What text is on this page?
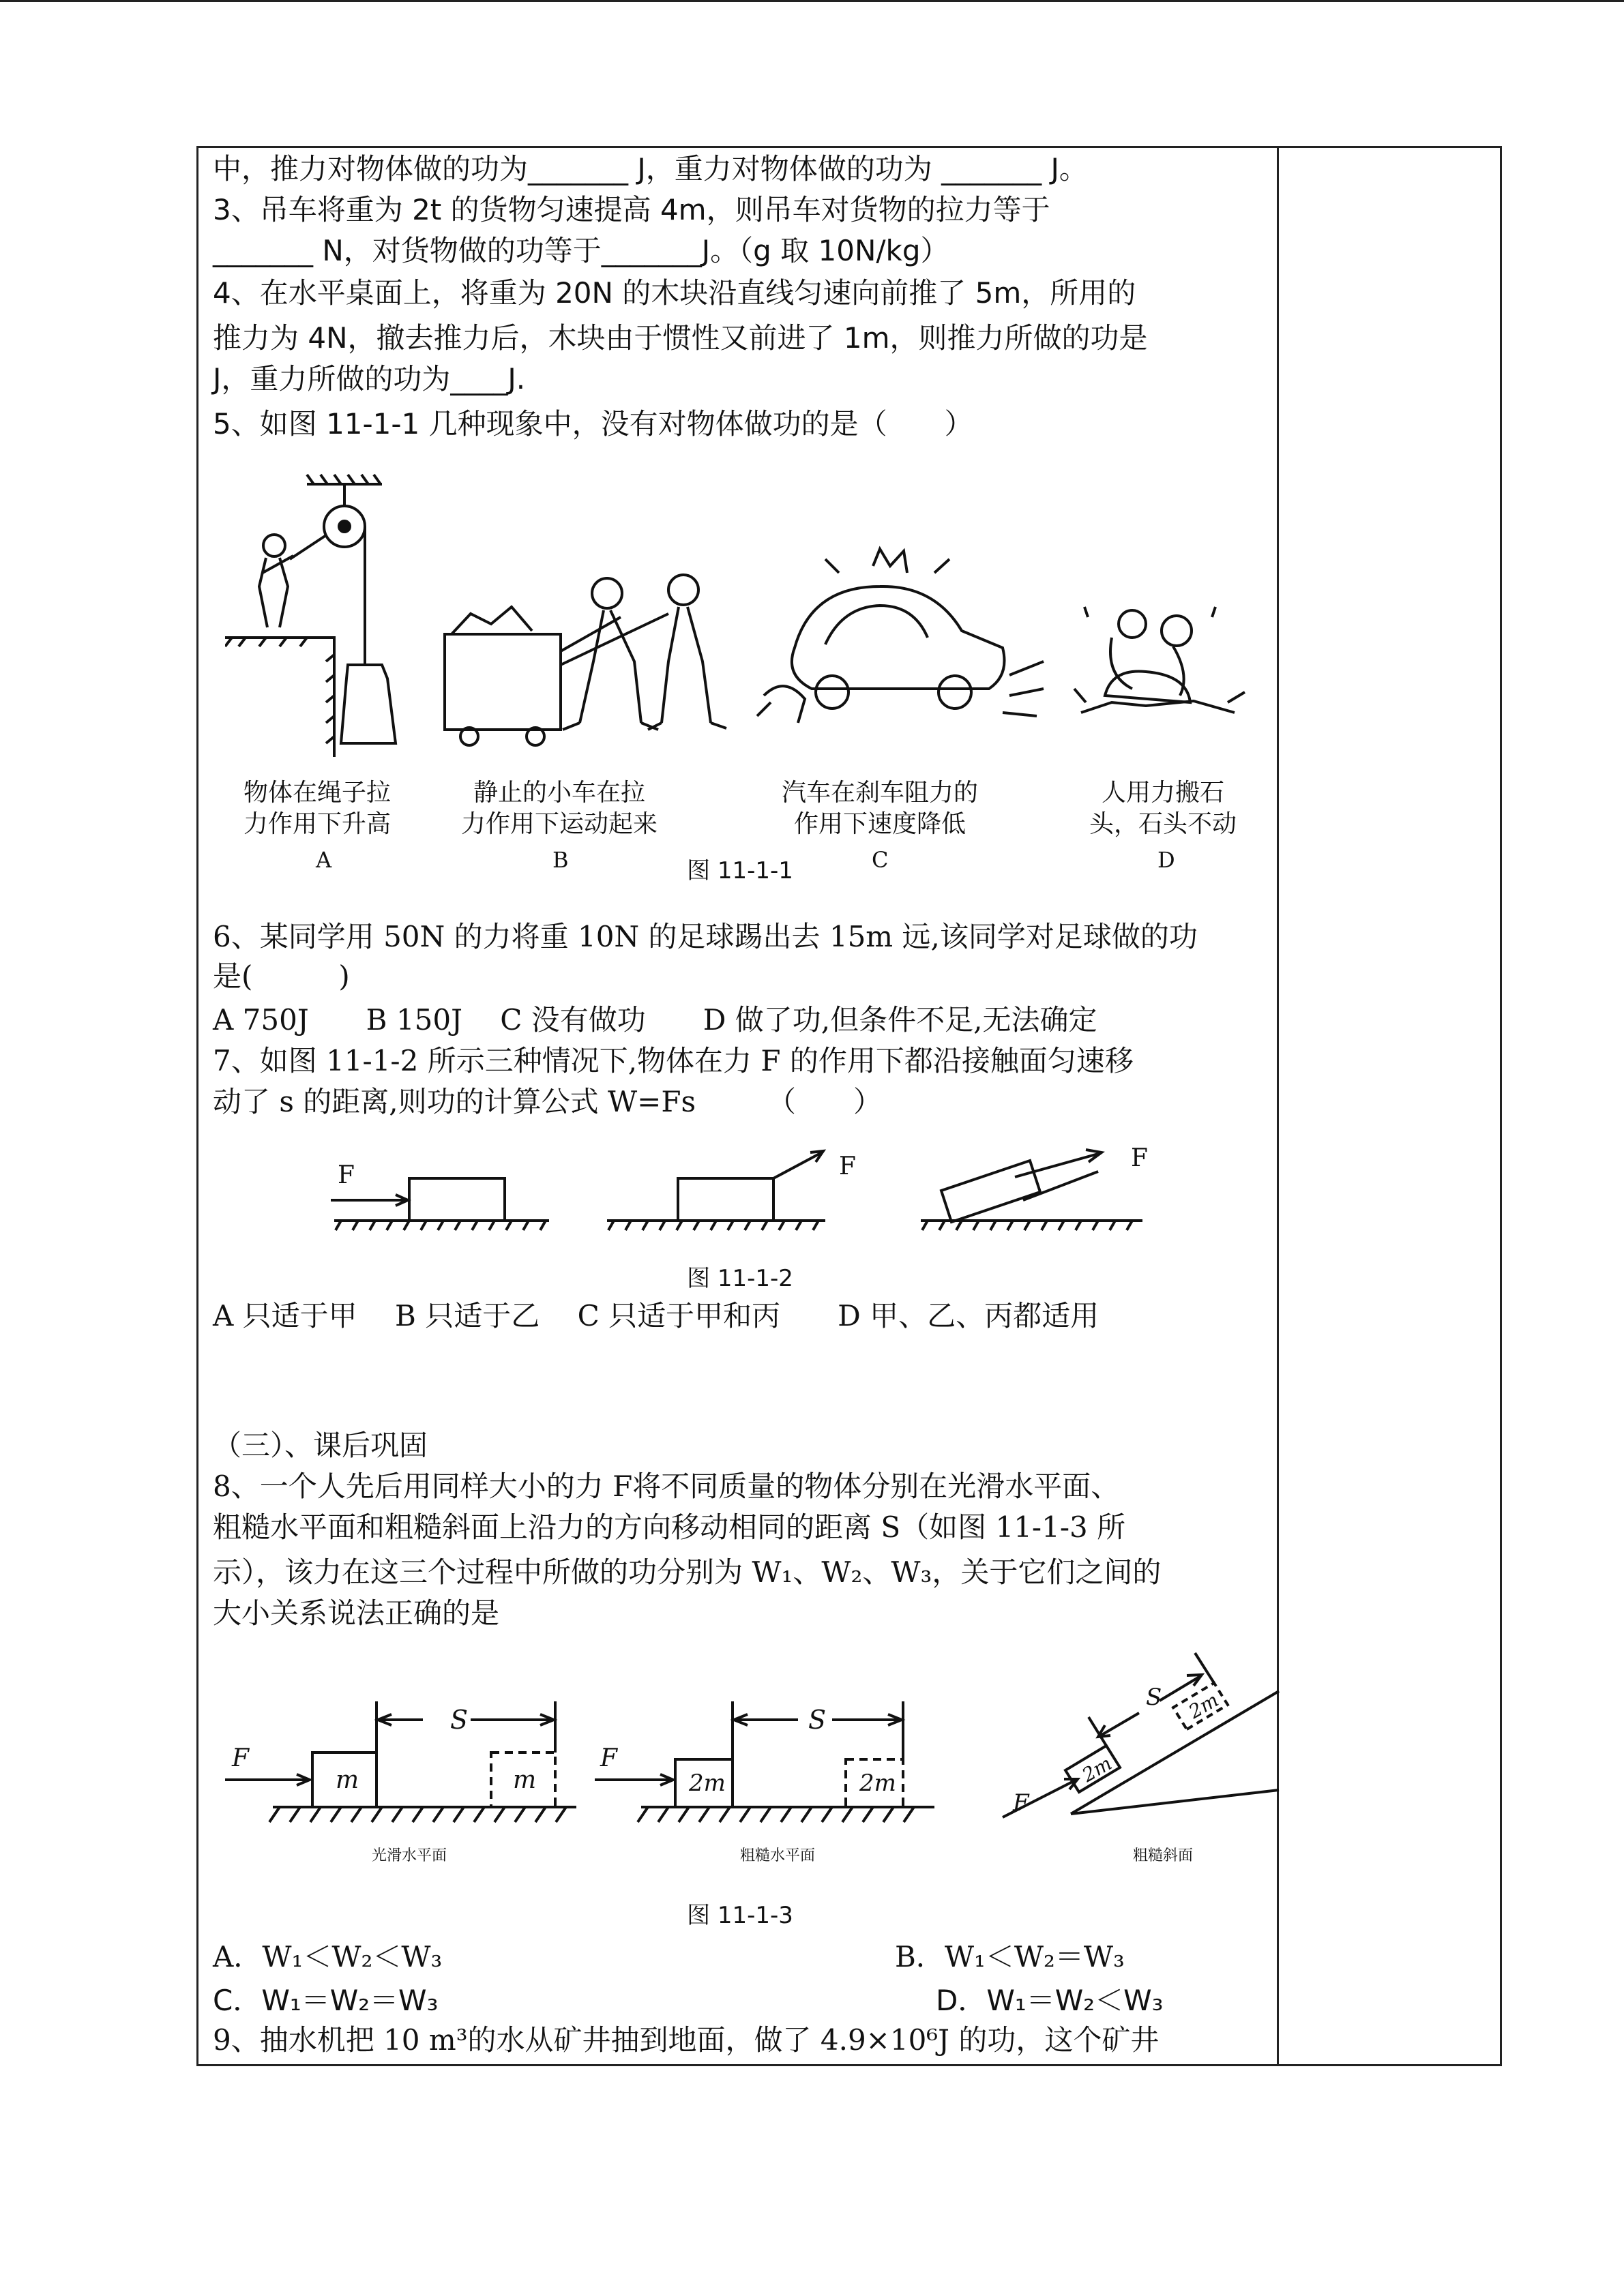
中，推力对物体做的功为_______ J，重力对物体做的功为 _______ J。
3、吊车将重为 2t 的货物匀速提高 4m，则吊车对货物的拉力等于
_______ N，对货物做的功等于_______J。（g 取 10N/kg）
4、在水平桌面上，将重为 20N 的木块沿直线匀速向前推了 5m，所用的
推力为 4N，撤去推力后，木块由于惯性又前进了 1m，则推力所做的功是
J，重力所做的功为____J.
5、如图 11-1-1 几种现象中，没有对物体做功的是（　　）
物体在绳子拉
力作用下升高
静止的小车在拉
力作用下运动起来
汽车在刹车阻力的
作用下速度降低
人用力搬石
头，石头不动
A	B	C	D
图 11-1-1
6、某同学用 50N 的力将重 10N 的足球踢出去 15m 远,该同学对足球做的功
是(　　　)
A 750J　　B 150J　 C 没有做功　　D 做了功,但条件不足,无法确定
7、如图 11-1-2 所示三种情况下,物体在力 F 的作用下都沿接触面匀速移
动了 s 的距离,则功的计算公式 W=Fs　　　（　　）
F	F	F
图 11-1-2
A 只适于甲　 B 只适于乙　 C 只适于甲和丙　　D 甲、乙、丙都适用
（三）、课后巩固
8、一个人先后用同样大小的力 F将不同质量的物体分别在光滑水平面、
粗糙水平面和粗糙斜面上沿力的方向移动相同的距离 S（如图 11-1-3 所
示），该力在这三个过程中所做的功分别为 W₁、W₂、W₃，关于它们之间的
大小关系说法正确的是
F
S
m	m
F
S
2m	2m
F
S
2m
2m
光滑水平面	粗糙水平面	粗糙斜面
图 11-1-3
A．W₁＜W₂＜W₃	B．W₁＜W₂＝W₃
C．W₁＝W₂＝W₃	D．W₁＝W₂＜W₃
9、抽水机把 10 m³的水从矿井抽到地面，做了 4.9×10⁶J 的功，这个矿井
